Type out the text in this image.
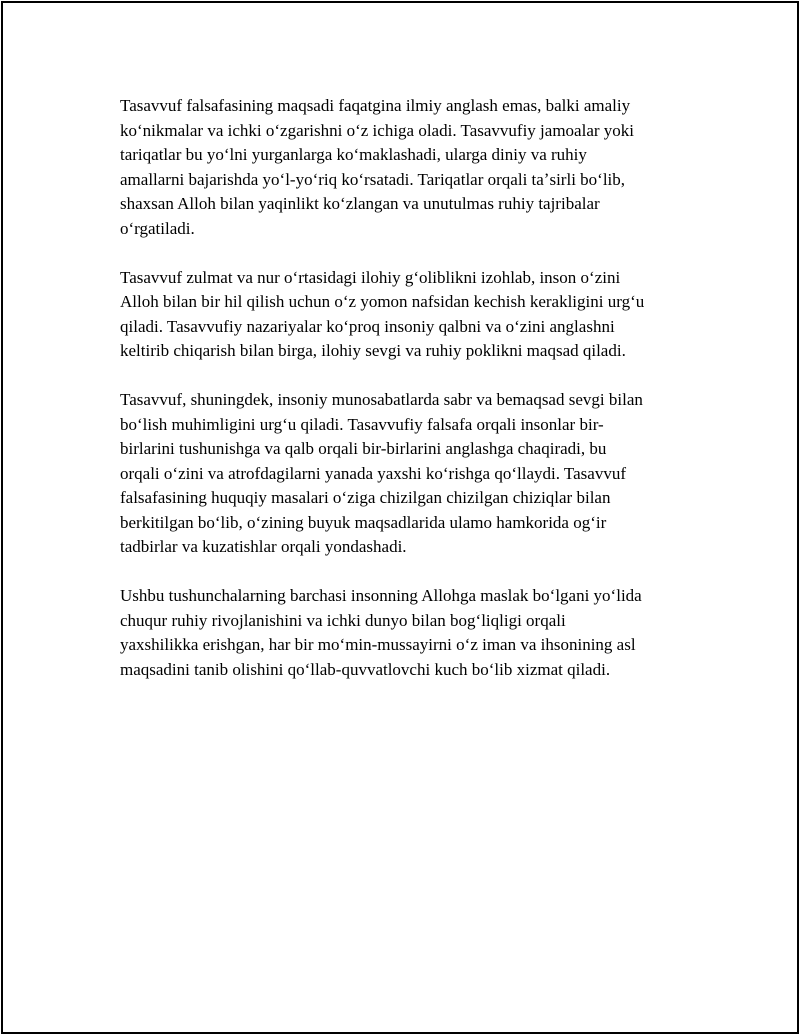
Tasavvuf falsafasining maqsadi faqatgina ilmiy anglash emas, balki amaliy
koʻnikmalar va ichki oʻzgarishni oʻz ichiga oladi. Tasavvufiy jamoalar yoki
tariqatlar bu yoʻlni yurganlarga koʻmaklashadi, ularga diniy va ruhiy
amallarni bajarishda yoʻl-yoʻriq koʻrsatadi. Tariqatlar orqali taʼsirli boʻlib,
shaxsan Alloh bilan yaqinlikt koʻzlangan va unutulmas ruhiy tajribalar
oʻrgatiladi.

Tasavvuf zulmat va nur oʻrtasidagi ilohiy gʻoliblikni izohlab, inson oʻzini
Alloh bilan bir hil qilish uchun oʻz yomon nafsidan kechish kerakligini urgʻu
qiladi. Tasavvufiy nazariyalar koʻproq insoniy qalbni va oʻzini anglashni
keltirib chiqarish bilan birga, ilohiy sevgi va ruhiy poklikni maqsad qiladi.

Tasavvuf, shuningdek, insoniy munosabatlarda sabr va bemaqsad sevgi bilan
boʻlish muhimligini urgʻu qiladi. Tasavvufiy falsafa orqali insonlar bir-
birlarini tushunishga va qalb orqali bir-birlarini anglashga chaqiradi, bu
orqali oʻzini va atrofdagilarni yanada yaxshi koʻrishga qoʻllaydi. Tasavvuf
falsafasining huquqiy masalari oʻziga chizilgan chizilgan chiziqlar bilan
berkitilgan boʻlib, oʻzining buyuk maqsadlarida ulamo hamkorida ogʻir
tadbirlar va kuzatishlar orqali yondashadi.

Ushbu tushunchalarning barchasi insonning Allohga maslak boʻlgani yoʻlida
chuqur ruhiy rivojlanishini va ichki dunyo bilan bogʻliqligi orqali
yaxshilikka erishgan, har bir moʻmin-mussayirni oʻz iman va ihsonining asl
maqsadini tanib olishini qoʻllab-quvvatlovchi kuch boʻlib xizmat qiladi.
